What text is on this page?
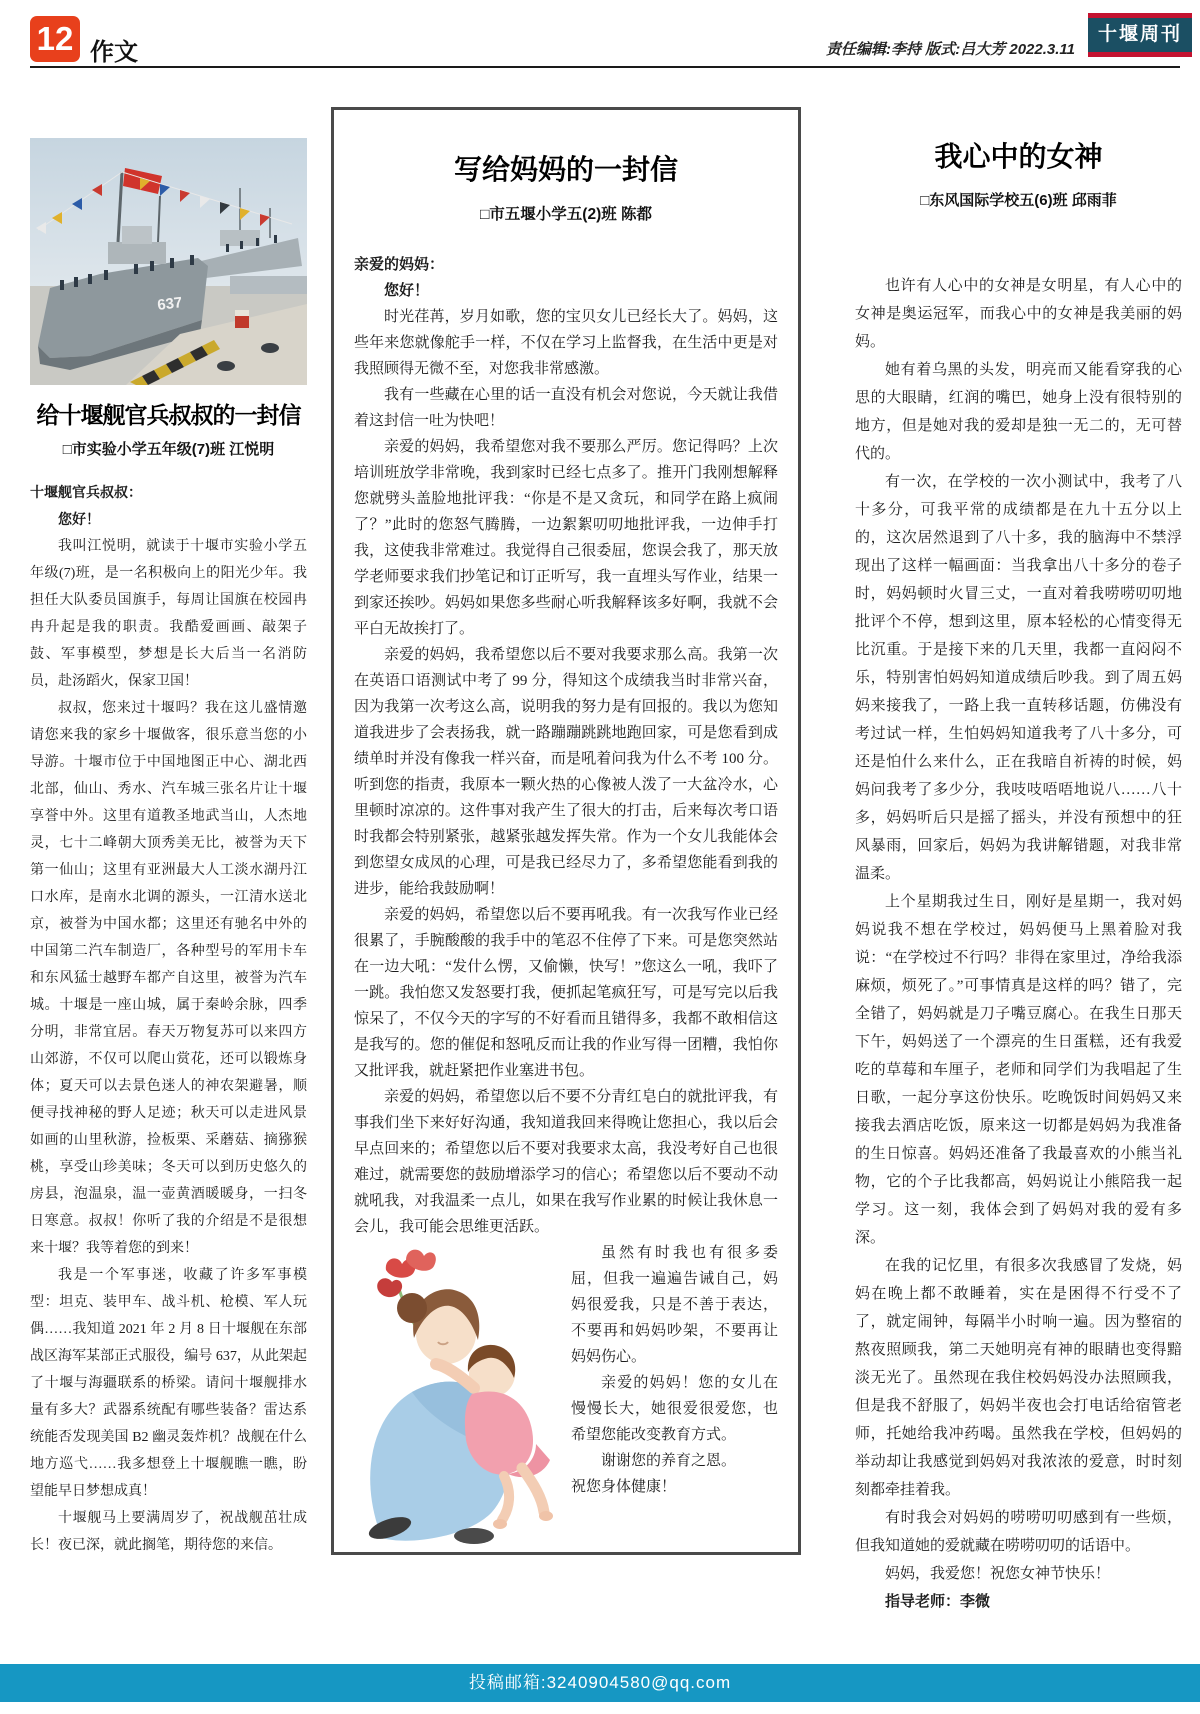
12 作文	责任编辑:李持 版式:吕大芳 2022.3.11
十堰周刊
637
给十堰舰官兵叔叔的一封信
□市实验小学五年级(7)班 江悦明

十堰舰官兵叔叔：

您好！

我叫江悦明，就读于十堰市实验小学五年级(7)班，是一名积极向上的阳光少年。我担任大队委员国旗手，每周让国旗在校园冉冉升起是我的职责。我酷爱画画、敲架子鼓、军事模型，梦想是长大后当一名消防员，赴汤蹈火，保家卫国！

叔叔，您来过十堰吗？我在这儿盛情邀请您来我的家乡十堰做客，很乐意当您的小导游。十堰市位于中国地图正中心、湖北西北部，仙山、秀水、汽车城三张名片让十堰享誉中外。这里有道教圣地武当山，人杰地灵，七十二峰朝大顶秀美无比，被誉为天下第一仙山；这里有亚洲最大人工淡水湖丹江口水库，是南水北调的源头，一江清水送北京，被誉为中国水都；这里还有驰名中外的中国第二汽车制造厂，各种型号的军用卡车和东风猛士越野车都产自这里，被誉为汽车城。十堰是一座山城，属于秦岭余脉，四季分明，非常宜居。春天万物复苏可以来四方山郊游，不仅可以爬山赏花，还可以锻炼身体；夏天可以去景色迷人的神农架避暑，顺便寻找神秘的野人足迹；秋天可以走进风景如画的山里秋游，捡板栗、采蘑菇、摘猕猴桃，享受山珍美味；冬天可以到历史悠久的房县，泡温泉，温一壶黄酒暖暖身，一扫冬日寒意。叔叔！你听了我的介绍是不是很想来十堰？我等着您的到来！

我是一个军事迷，收藏了许多军事模型：坦克、装甲车、战斗机、枪模、军人玩偶……我知道 2021 年 2 月 8 日十堰舰在东部战区海军某部正式服役，编号 637，从此架起了十堰与海疆联系的桥梁。请问十堰舰排水量有多大？武器系统配有哪些装备？雷达系统能否发现美国 B2 幽灵轰炸机？战舰在什么地方巡弋……我多想登上十堰舰瞧一瞧，盼望能早日梦想成真！

十堰舰马上要满周岁了，祝战舰茁壮成长！夜已深，就此搁笔，期待您的来信。

写给妈妈的一封信
□市五堰小学五(2)班 陈都

亲爱的妈妈：

您好！

时光荏苒，岁月如歌，您的宝贝女儿已经长大了。妈妈，这些年来您就像舵手一样，不仅在学习上监督我，在生活中更是对我照顾得无微不至，对您我非常感激。

我有一些藏在心里的话一直没有机会对您说，今天就让我借着这封信一吐为快吧！

亲爱的妈妈，我希望您对我不要那么严厉。您记得吗？上次培训班放学非常晚，我到家时已经七点多了。推开门我刚想解释您就劈头盖脸地批评我：“你是不是又贪玩，和同学在路上疯闹了？”此时的您怒气腾腾，一边絮絮叨叨地批评我，一边伸手打我，这使我非常难过。我觉得自己很委屈，您误会我了，那天放学老师要求我们抄笔记和订正听写，我一直埋头写作业，结果一到家还挨吵。妈妈如果您多些耐心听我解释该多好啊，我就不会平白无故挨打了。

亲爱的妈妈，我希望您以后不要对我要求那么高。我第一次在英语口语测试中考了 99 分，得知这个成绩我当时非常兴奋，因为我第一次考这么高，说明我的努力是有回报的。我以为您知道我进步了会表扬我，就一路蹦蹦跳跳地跑回家，可是您看到成绩单时并没有像我一样兴奋，而是吼着问我为什么不考 100 分。听到您的指责，我原本一颗火热的心像被人泼了一大盆冷水，心里顿时凉凉的。这件事对我产生了很大的打击，后来每次考口语时我都会特别紧张，越紧张越发挥失常。作为一个女儿我能体会到您望女成凤的心理，可是我已经尽力了，多希望您能看到我的进步，能给我鼓励啊！

亲爱的妈妈，希望您以后不要再吼我。有一次我写作业已经很累了，手腕酸酸的我手中的笔忍不住停了下来。可是您突然站在一边大吼：“发什么愣，又偷懒，快写！”您这么一吼，我吓了一跳。我怕您又发怒要打我，便抓起笔疯狂写，可是写完以后我惊呆了，不仅今天的字写的不好看而且错得多，我都不敢相信这是我写的。您的催促和怒吼反而让我的作业写得一团糟，我怕你又批评我，就赶紧把作业塞进书包。

亲爱的妈妈，希望您以后不要不分青红皂白的就批评我，有事我们坐下来好好沟通，我知道我回来得晚让您担心，我以后会早点回来的；希望您以后不要对我要求太高，我没考好自己也很难过，就需要您的鼓励增添学习的信心；希望您以后不要动不动就吼我，对我温柔一点儿，如果在我写作业累的时候让我休息一会儿，我可能会思维更活跃。

虽然有时我也有很多委屈，但我一遍遍告诫自己，妈妈很爱我，只是不善于表达，不要再和妈妈吵架，不要再让妈妈伤心。

亲爱的妈妈！您的女儿在慢慢长大，她很爱很爱您，也希望您能改变教育方式。

谢谢您的养育之恩。

祝您身体健康！

我心中的女神
□东风国际学校五(6)班 邱雨菲

也许有人心中的女神是女明星，有人心中的女神是奥运冠军，而我心中的女神是我美丽的妈妈。

她有着乌黑的头发，明亮而又能看穿我的心思的大眼睛，红润的嘴巴，她身上没有很特别的地方，但是她对我的爱却是独一无二的，无可替代的。

有一次，在学校的一次小测试中，我考了八十多分，可我平常的成绩都是在九十五分以上的，这次居然退到了八十多，我的脑海中不禁浮现出了这样一幅画面：当我拿出八十多分的卷子时，妈妈顿时火冒三丈，一直对着我唠唠叨叨地批评个不停，想到这里，原本轻松的心情变得无比沉重。于是接下来的几天里，我都一直闷闷不乐，特别害怕妈妈知道成绩后吵我。到了周五妈妈来接我了，一路上我一直转移话题，仿佛没有考过试一样，生怕妈妈知道我考了八十多分，可还是怕什么来什么，正在我暗自祈祷的时候，妈妈问我考了多少分，我吱吱唔唔地说八……八十多，妈妈听后只是摇了摇头，并没有预想中的狂风暴雨，回家后，妈妈为我讲解错题，对我非常温柔。

上个星期我过生日，刚好是星期一，我对妈妈说我不想在学校过，妈妈便马上黑着脸对我说：“在学校过不行吗？非得在家里过，净给我添麻烦，烦死了。”可事情真是这样的吗？错了，完全错了，妈妈就是刀子嘴豆腐心。在我生日那天下午，妈妈送了一个漂亮的生日蛋糕，还有我爱吃的草莓和车厘子，老师和同学们为我唱起了生日歌，一起分享这份快乐。吃晚饭时间妈妈又来接我去酒店吃饭，原来这一切都是妈妈为我准备的生日惊喜。妈妈还准备了我最喜欢的小熊当礼物，它的个子比我都高，妈妈说让小熊陪我一起学习。这一刻，我体会到了妈妈对我的爱有多深。

在我的记忆里，有很多次我感冒了发烧，妈妈在晚上都不敢睡着，实在是困得不行受不了了，就定闹钟，每隔半小时响一遍。因为整宿的熬夜照顾我，第二天她明亮有神的眼睛也变得黯淡无光了。虽然现在我住校妈妈没办法照顾我，但是我不舒服了，妈妈半夜也会打电话给宿管老师，托她给我冲药喝。虽然我在学校，但妈妈的举动却让我感觉到妈妈对我浓浓的爱意，时时刻刻都牵挂着我。

有时我会对妈妈的唠唠叨叨感到有一些烦，但我知道她的爱就藏在唠唠叨叨的话语中。

妈妈，我爱您！祝您女神节快乐！

指导老师：李微

投稿邮箱:3240904580@qq.com
